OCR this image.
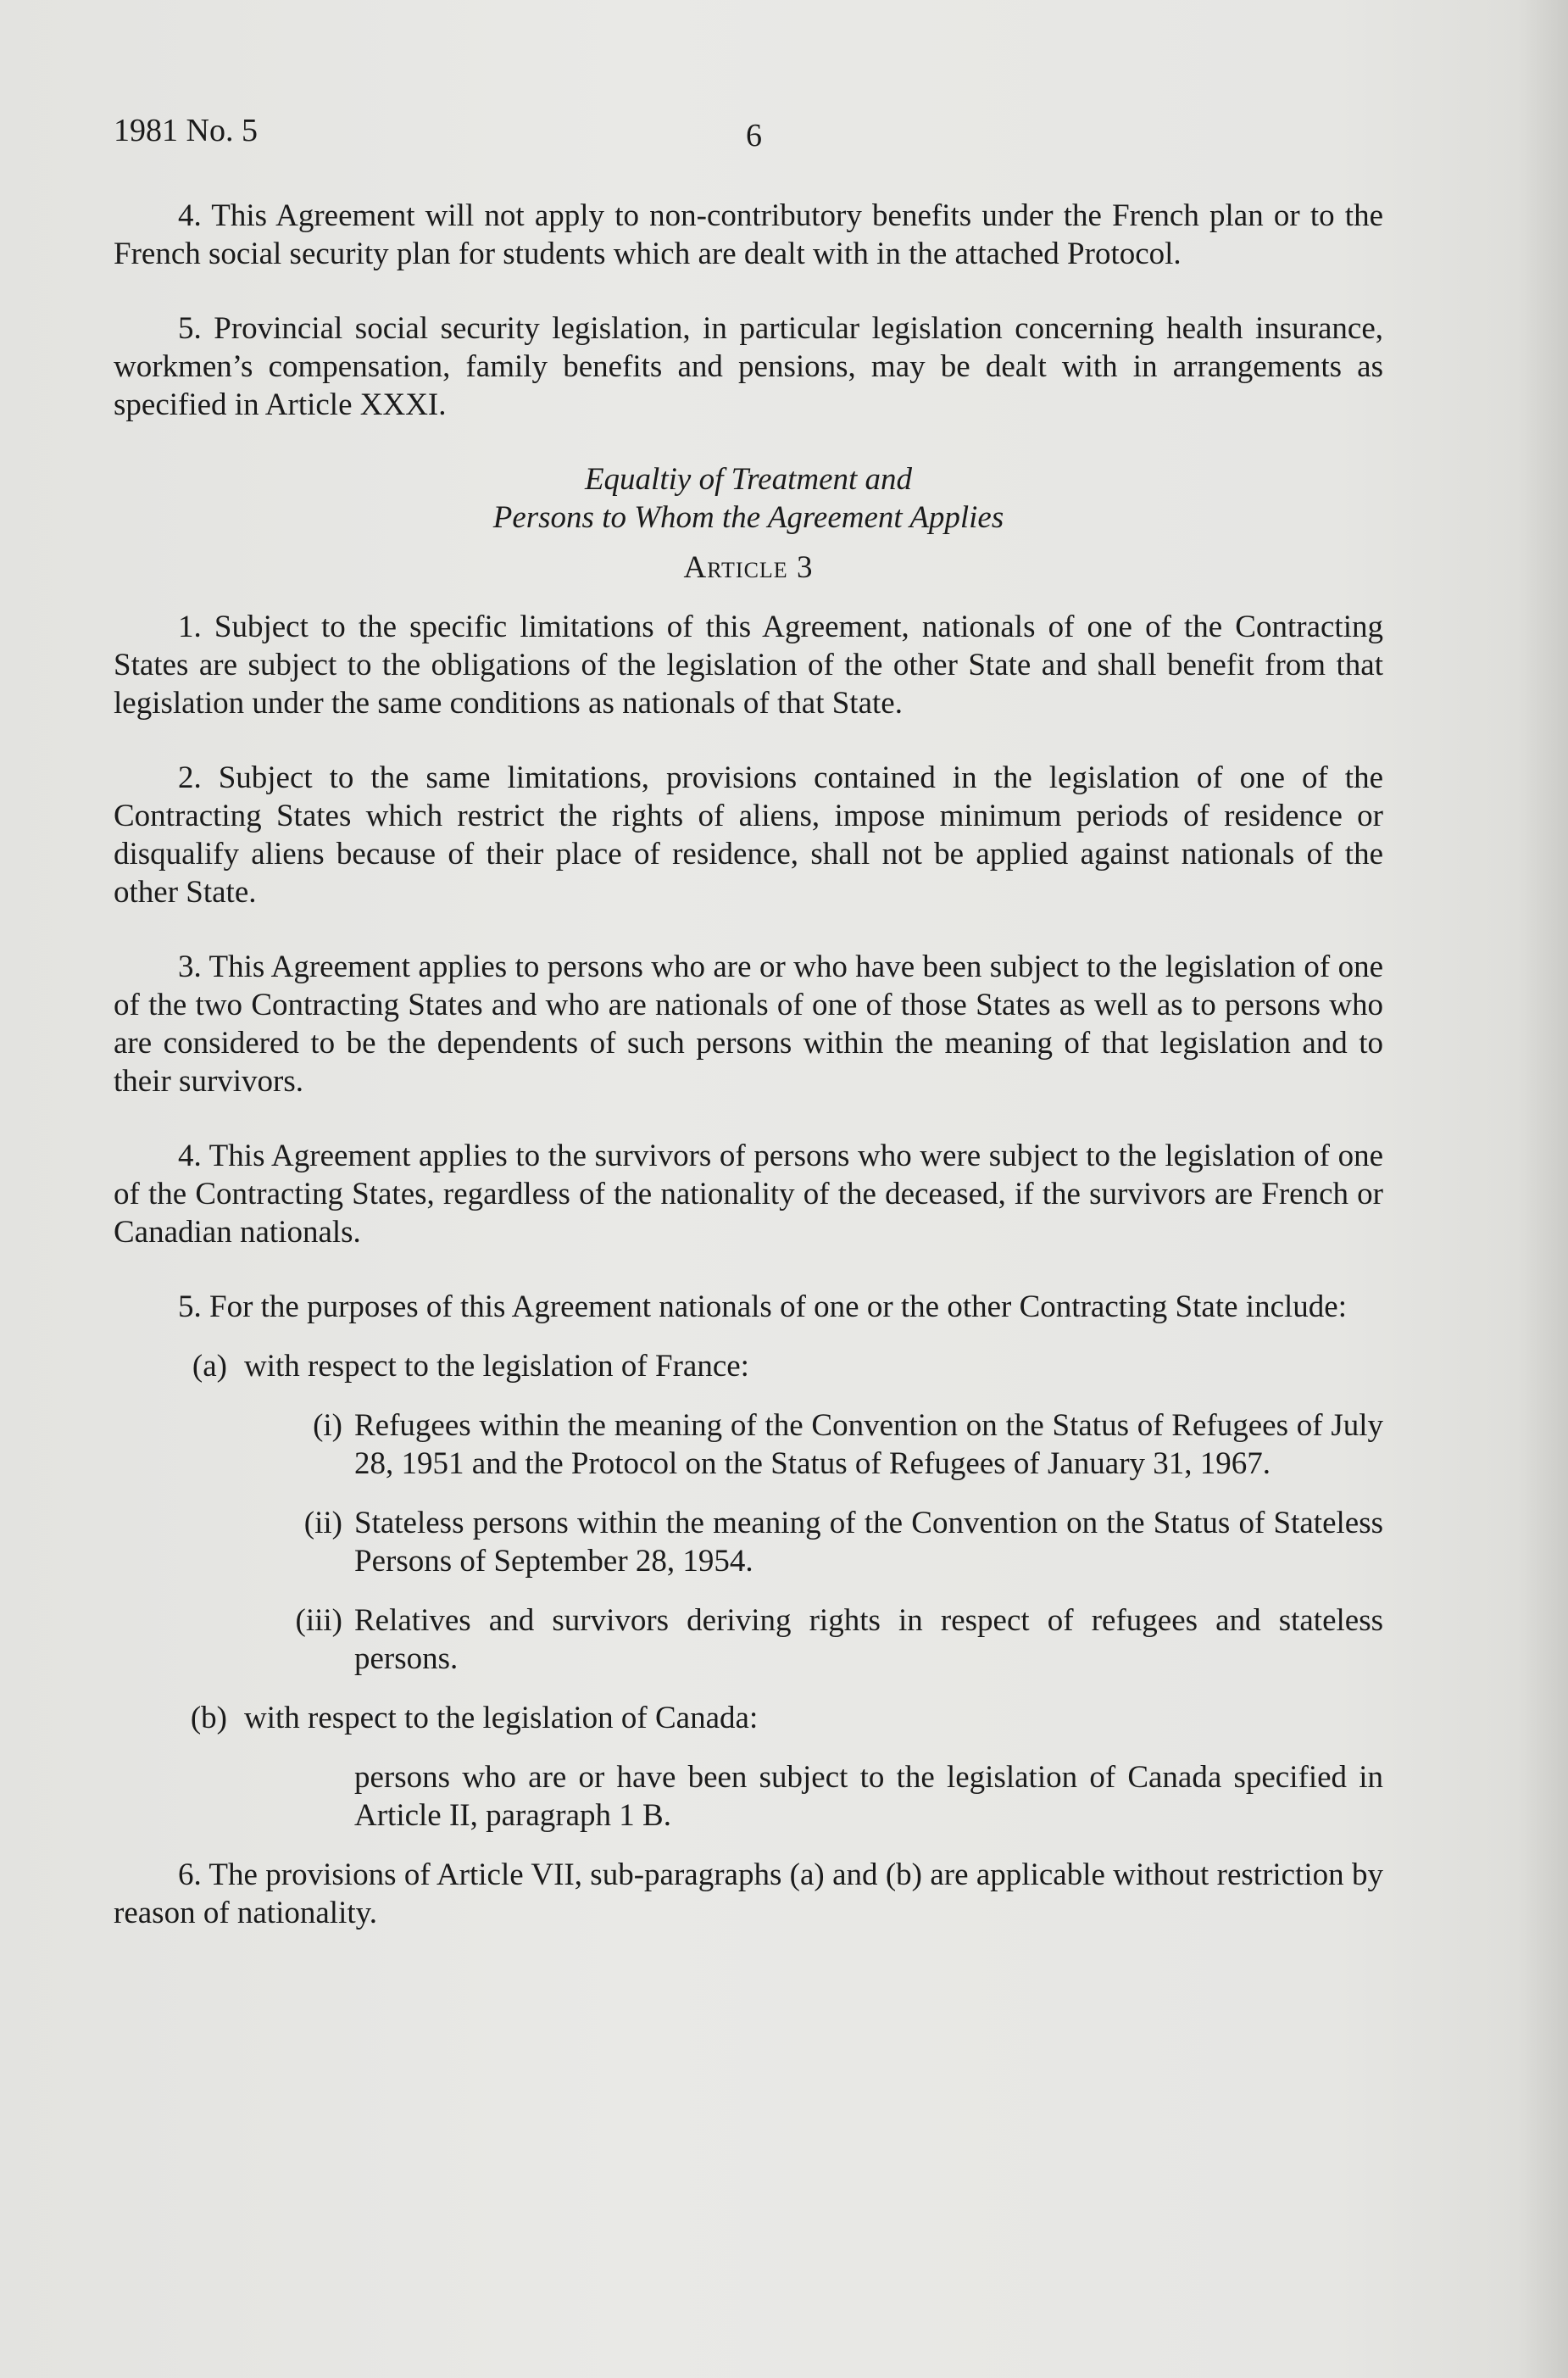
1981 No. 5	6

4. This Agreement will not apply to non-contributory benefits under the French plan or to the French social security plan for students which are dealt with in the attached Protocol.

5. Provincial social security legislation, in particular legislation concerning health insurance, workmen’s compensation, family benefits and pensions, may be dealt with in arrangements as specified in Article XXXI.

Equaltiy of Treatment and
Persons to Whom the Agreement Applies

Article 3

1. Subject to the specific limitations of this Agreement, nationals of one of the Contracting States are subject to the obligations of the legislation of the other State and shall benefit from that legislation under the same conditions as nationals of that State.

2. Subject to the same limitations, provisions contained in the legislation of one of the Contracting States which restrict the rights of aliens, impose minimum periods of residence or disqualify aliens because of their place of residence, shall not be applied against nationals of the other State.

3. This Agreement applies to persons who are or who have been subject to the legislation of one of the two Contracting States and who are nationals of one of those States as well as to persons who are considered to be the dependents of such persons within the meaning of that legislation and to their survivors.

4. This Agreement applies to the survivors of persons who were subject to the legislation of one of the Contracting States, regardless of the nationality of the deceased, if the survivors are French or Canadian nationals.

5. For the purposes of this Agreement nationals of one or the other Contracting State include:

(a) with respect to the legislation of France:
(i) Refugees within the meaning of the Convention on the Status of Refugees of July 28, 1951 and the Protocol on the Status of Refugees of January 31, 1967.
(ii) Stateless persons within the meaning of the Convention on the Status of Stateless Persons of September 28, 1954.
(iii) Relatives and survivors deriving rights in respect of refugees and stateless persons.
(b) with respect to the legislation of Canada:

persons who are or have been subject to the legislation of Canada specified in Article II, paragraph 1 B.

6. The provisions of Article VII, sub-paragraphs (a) and (b) are applicable without restriction by reason of nationality.
